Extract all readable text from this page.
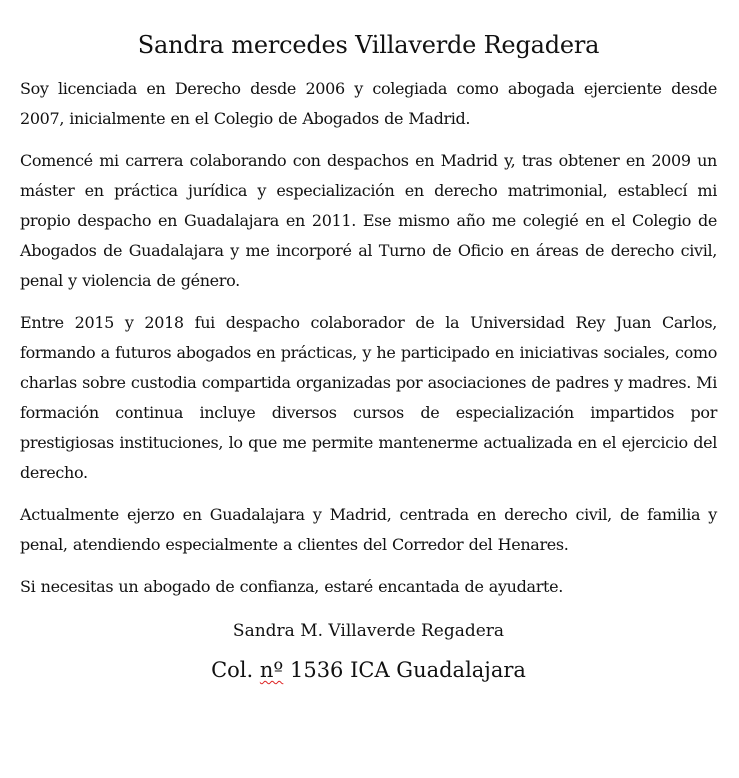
Sandra mercedes Villaverde Regadera

Soy licenciada en Derecho desde 2006 y colegiada como abogada ejerciente desde 2007, inicialmente en el Colegio de Abogados de Madrid.

Comencé mi carrera colaborando con despachos en Madrid y, tras obtener en 2009 un máster en práctica jurídica y especialización en derecho matrimonial, establecí mi propio despacho en Guadalajara en 2011. Ese mismo año me colegié en el Colegio de Abogados de Guadalajara y me incorporé al Turno de Oficio en áreas de derecho civil, penal y violencia de género.

Entre 2015 y 2018 fui despacho colaborador de la Universidad Rey Juan Carlos, formando a futuros abogados en prácticas, y he participado en iniciativas sociales, como charlas sobre custodia compartida organizadas por asociaciones de padres y madres. Mi formación continua incluye diversos cursos de especialización impartidos por prestigiosas instituciones, lo que me permite mantenerme actualizada en el ejercicio del derecho.

Actualmente ejerzo en Guadalajara y Madrid, centrada en derecho civil, de familia y penal, atendiendo especialmente a clientes del Corredor del Henares.

Si necesitas un abogado de confianza, estaré encantada de ayudarte.

Sandra M. Villaverde Regadera
Col. nº 1536 ICA Guadalajara
